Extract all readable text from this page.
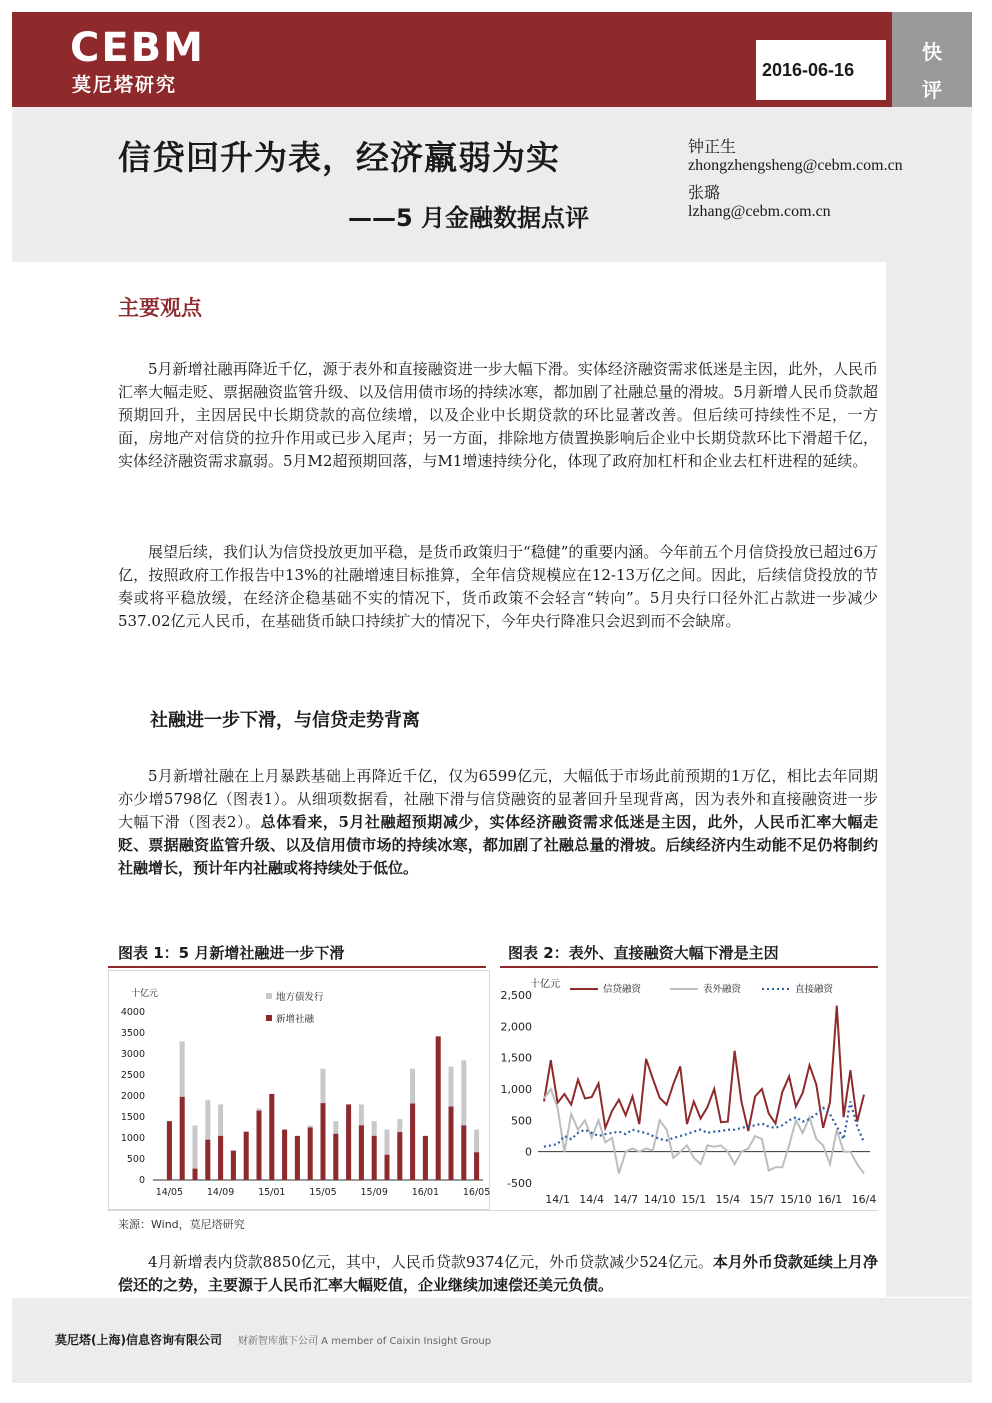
CEBM
莫尼塔研究
快
评
2016-06-16
信贷回升为表，经济羸弱为实
——5 月金融数据点评
钟正生
zhongzhengsheng@cebm.com.cn
张璐
lzhang@cebm.com.cn
主要观点

5月新增社融再降近千亿，源于表外和直接融资进一步大幅下滑。实体经济融资需求低迷是主因，此外，人民币汇率大幅走贬、票据融资监管升级、以及信用债市场的持续冰寒，都加剧了社融总量的滑坡。5月新增人民币贷款超预期回升，主因居民中长期贷款的高位续增，以及企业中长期贷款的环比显著改善。但后续可持续性不足，一方面，房地产对信贷的拉升作用或已步入尾声；另一方面，排除地方债置换影响后企业中长期贷款环比下滑超千亿，实体经济融资需求羸弱。5月M2超预期回落，与M1增速持续分化，体现了政府加杠杆和企业去杠杆进程的延续。

展望后续，我们认为信贷投放更加平稳，是货币政策归于“稳健”的重要内涵。今年前五个月信贷投放已超过6万亿，按照政府工作报告中13%的社融增速目标推算，全年信贷规模应在12-13万亿之间。因此，后续信贷投放的节奏或将平稳放缓，在经济企稳基础不实的情况下，货币政策不会轻言“转向”。5月央行口径外汇占款进一步减少537.02亿元人民币，在基础货币缺口持续扩大的情况下，今年央行降准只会迟到而不会缺席。

社融进一步下滑，与信贷走势背离

5月新增社融在上月暴跌基础上再降近千亿，仅为6599亿元，大幅低于市场此前预期的1万亿，相比去年同期亦少增5798亿（图表1）。从细项数据看，社融下滑与信贷融资的显著回升呈现背离，因为表外和直接融资进一步大幅下滑（图表2）。总体看来，5月社融超预期减少，实体经济融资需求低迷是主因，此外，人民币汇率大幅走贬、票据融资监管升级、以及信用债市场的持续冰寒，都加剧了社融总量的滑坡。后续经济内生动能不足仍将制约社融增长，预计年内社融或将持续处于低位。

图表 1：5 月新增社融进一步下滑	图表 2：表外、直接融资大幅下滑是主因
0
500
1000
1500
2000
2500
3000
3500
4000
十亿元
14/05	14/09	15/01	15/05	15/09	16/01	16/05
地方债发行
新增社融
-500
0
500
1,000
1,500
2,000
2,500
十亿元
14/1 14/4 14/7 14/10 15/1 15/4 15/7 15/10 16/1 16/4
信贷融资	表外融资	直接融资
来源：Wind，莫尼塔研究

4月新增表内贷款8850亿元，其中，人民币贷款9374亿元，外币贷款减少524亿元。本月外币贷款延续上月净偿还的之势，主要源于人民币汇率大幅贬值，企业继续加速偿还美元负债。

莫尼塔(上海)信息咨询有限公司 财新智库旗下公司 A member of Caixin Insight Group
